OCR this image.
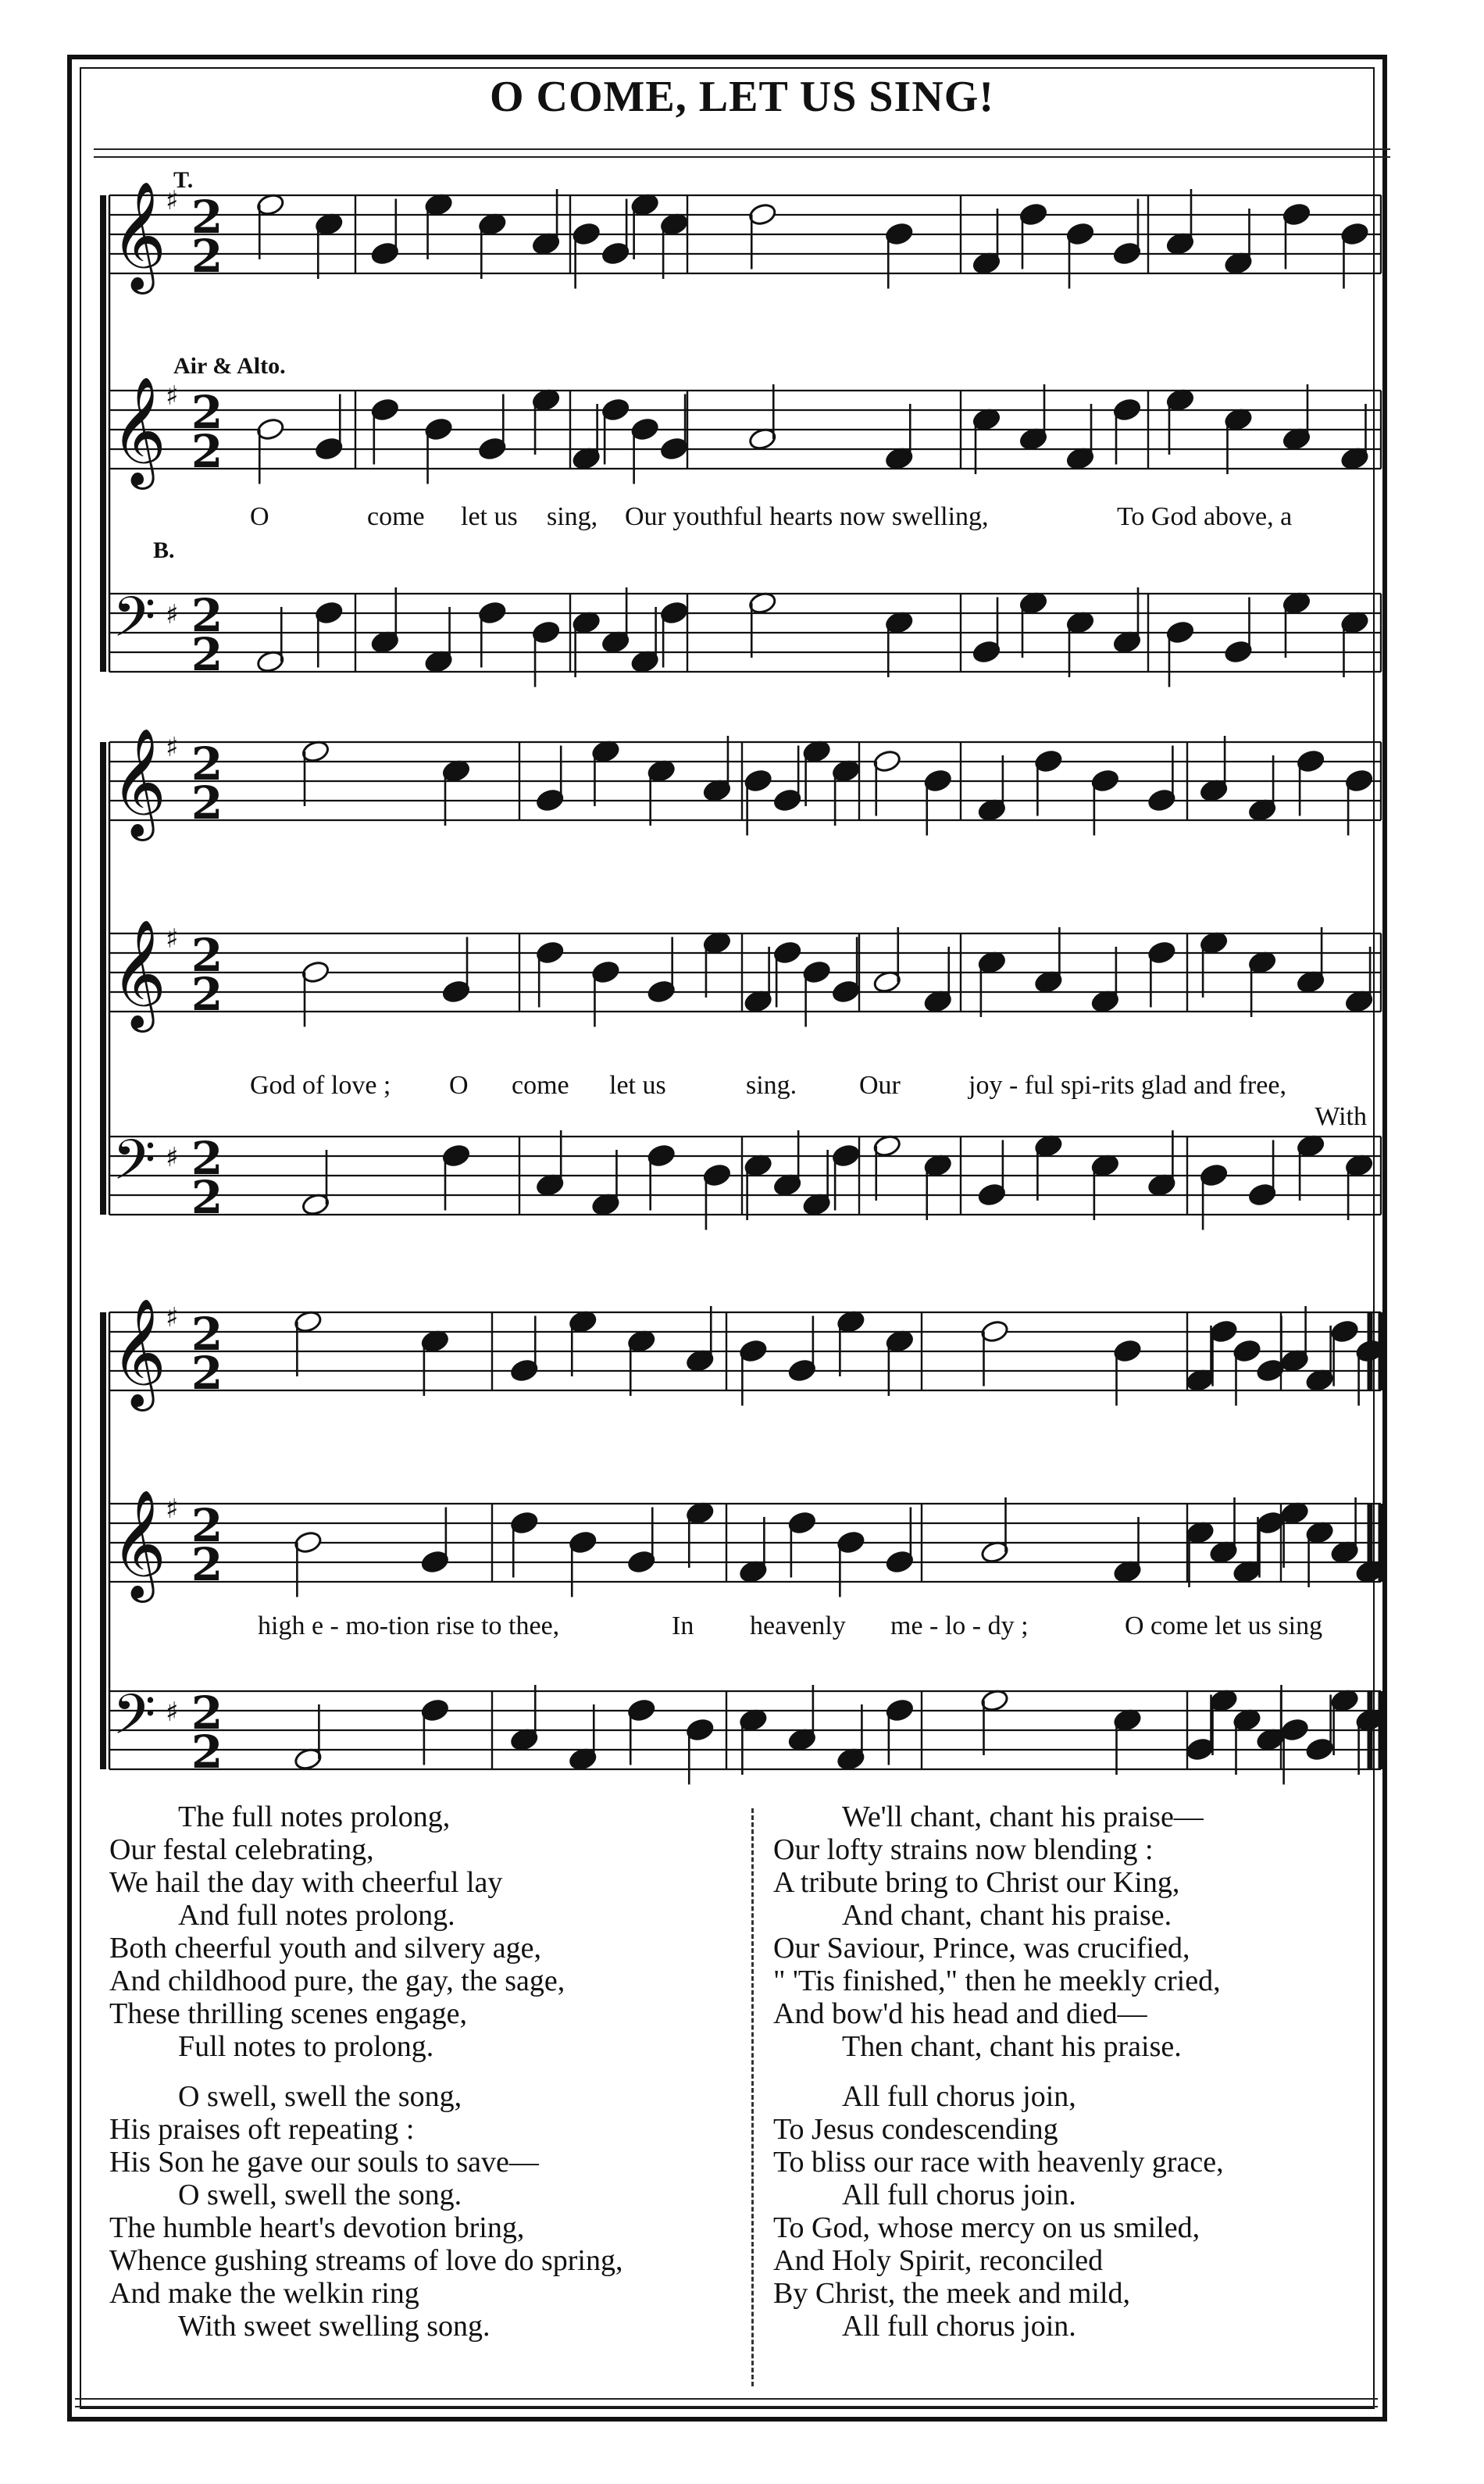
O COME, LET US SING!
𝄞 ♯ 2
2
𝄞 ♯ 2
2
𝄢 ♯ 2
2
𝄞 ♯ 2
2
𝄞 ♯ 2
2
𝄢 ♯ 2
2
𝄞 ♯ 2
2
𝄞 ♯ 2
2
𝄢 ♯ 2
2
T.
Air & Alto.
B.
With
O	come let us sing, Our youthful hearts now swelling,	To God above, a
God of love ; O come let us	sing. Our	joy - ful spi-rits glad and free,
high e - mo-tion rise to thee,	In heavenly me - lo - dy ;	O come let us sing
The full notes prolong,
Our festal celebrating,
We hail the day with cheerful lay
And full notes prolong.
Both cheerful youth and silvery age,
And childhood pure, the gay, the sage,
These thrilling scenes engage,
Full notes to prolong.
O swell, swell the song,
His praises oft repeating :
His Son he gave our souls to save—
O swell, swell the song.
The humble heart's devotion bring,
Whence gushing streams of love do spring,
And make the welkin ring
With sweet swelling song.
We'll chant, chant his praise—
Our lofty strains now blending :
A tribute bring to Christ our King,
And chant, chant his praise.
Our Saviour, Prince, was crucified,
" 'Tis finished," then he meekly cried,
And bow'd his head and died—
Then chant, chant his praise.
All full chorus join,
To Jesus condescending
To bliss our race with heavenly grace,
All full chorus join.
To God, whose mercy on us smiled,
And Holy Spirit, reconciled
By Christ, the meek and mild,
All full chorus join.
